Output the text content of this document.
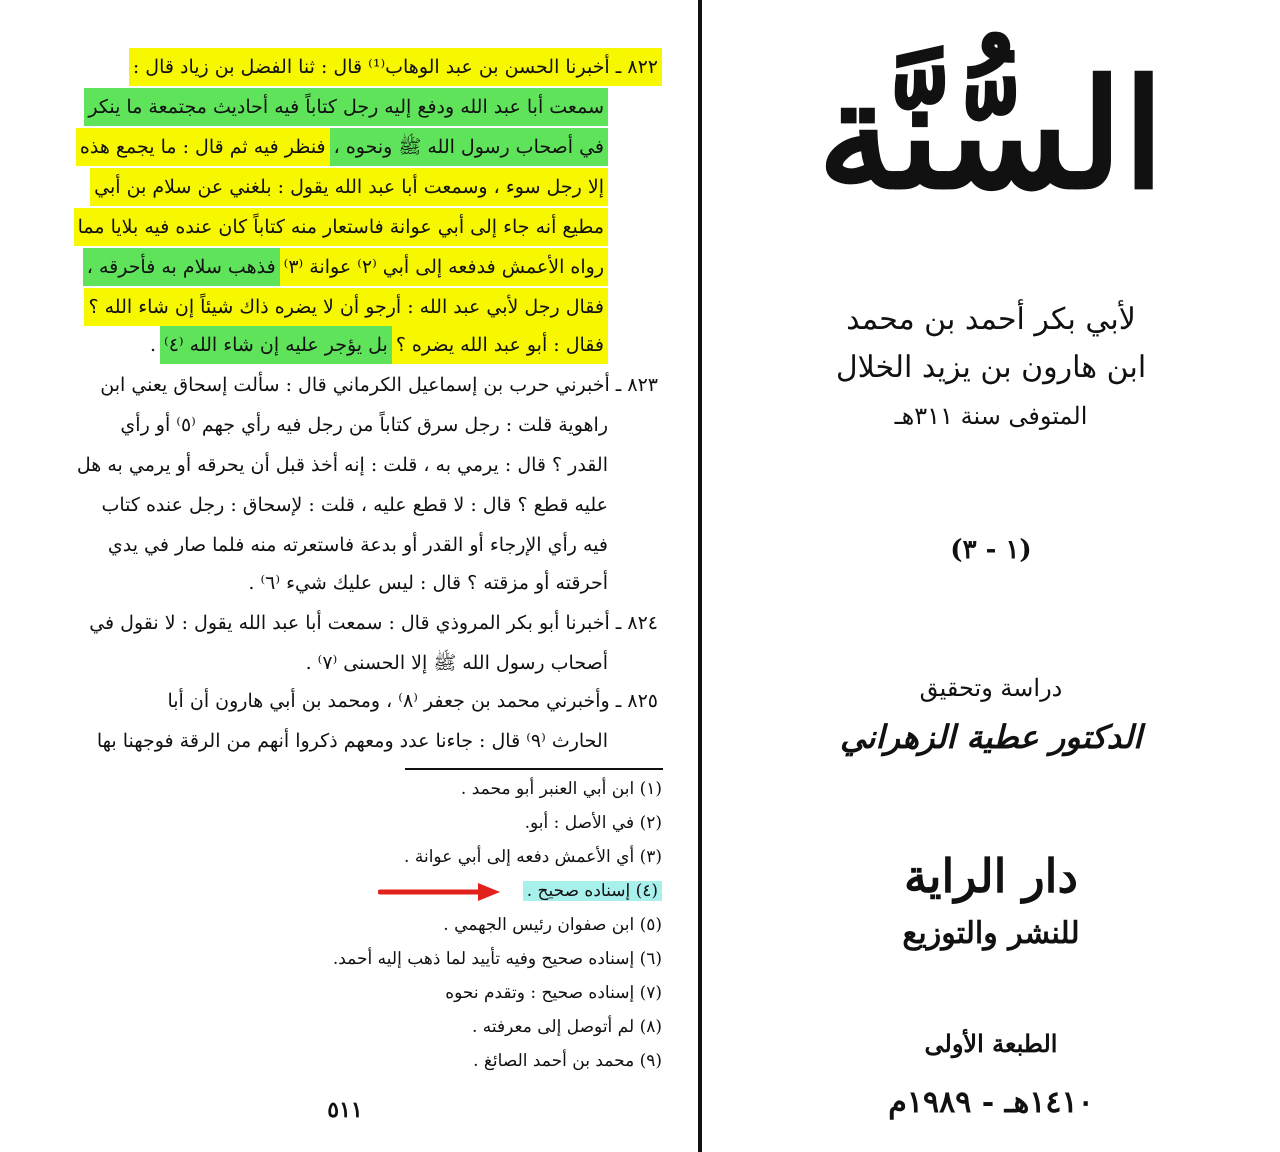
٨٢٢ ـ أخبرنا الحسن بن عبد الوهاب⁽¹⁾ قال : ثنا الفضل بن زياد قال :
سمعت أبا عبد الله ودفع إليه رجل كتاباً فيه أحاديث مجتمعة ما ينكر
في أصحاب رسول الله ﷺ ونحوه ،فنظر فيه ثم قال : ما يجمع هذه
إلا رجل سوء ، وسمعت أبا عبد الله يقول : بلغني عن سلام بن أبي
مطيع أنه جاء إلى أبي عوانة فاستعار منه كتاباً كان عنده فيه بلايا مما
رواه الأعمش فدفعه إلى أبي ⁽٢⁾ عوانة ⁽٣⁾فذهب سلام به فأحرقه ،
فقال رجل لأبي عبد الله : أرجو أن لا يضره ذاك شيئاً إن شاء الله ؟
فقال : أبو عبد الله يضره ؟بل يؤجر عليه إن شاء الله ⁽٤⁾.
٨٢٣ ـ أخبرني حرب بن إسماعيل الكرماني قال : سألت إسحاق يعني ابن
راهوية قلت : رجل سرق كتاباً من رجل فيه رأي جهم ⁽٥⁾ أو رأي
القدر ؟ قال : يرمي به ، قلت : إنه أخذ قبل أن يحرقه أو يرمي به هل
عليه قطع ؟ قال : لا قطع عليه ، قلت : لإسحاق : رجل عنده كتاب
فيه رأي الإرجاء أو القدر أو بدعة فاستعرته منه فلما صار في يدي
أحرقته أو مزقته ؟ قال : ليس عليك شيء ⁽٦⁾ .
٨٢٤ ـ أخبرنا أبو بكر المروذي قال : سمعت أبا عبد الله يقول : لا نقول في
أصحاب رسول الله ﷺ إلا الحسنى ⁽٧⁾ .
٨٢٥ ـ وأخبرني محمد بن جعفر ⁽٨⁾ ، ومحمد بن أبي هارون أن أبا
الحارث ⁽٩⁾ قال : جاءنا عدد ومعهم ذكروا أنهم من الرقة فوجهنا بها
(١) ابن أبي العنبر أبو محمد .
(٢) في الأصل : أبو.
(٣) أي الأعمش دفعه إلى أبي عوانة .
(٤) إسناده صحيح .
(٥) ابن صفوان رئيس الجهمي .
(٦) إسناده صحيح وفيه تأييد لما ذهب إليه أحمد.
(٧) إسناده صحيح : وتقدم نحوه
(٨) لم أتوصل إلى معرفته .
(٩) محمد بن أحمد الصائغ .
٥١١
السُّنَّة
لأبي بكر أحمد بن محمد
ابن هارون بن يزيد الخلال
المتوفى سنة ٣١١هـ
(١ - ٣)
دراسة وتحقيق
الدكتور عطية الزهراني
دار الراية
للنشر والتوزيع
الطبعة الأولى
١٤١٠هـ - ١٩٨٩م
